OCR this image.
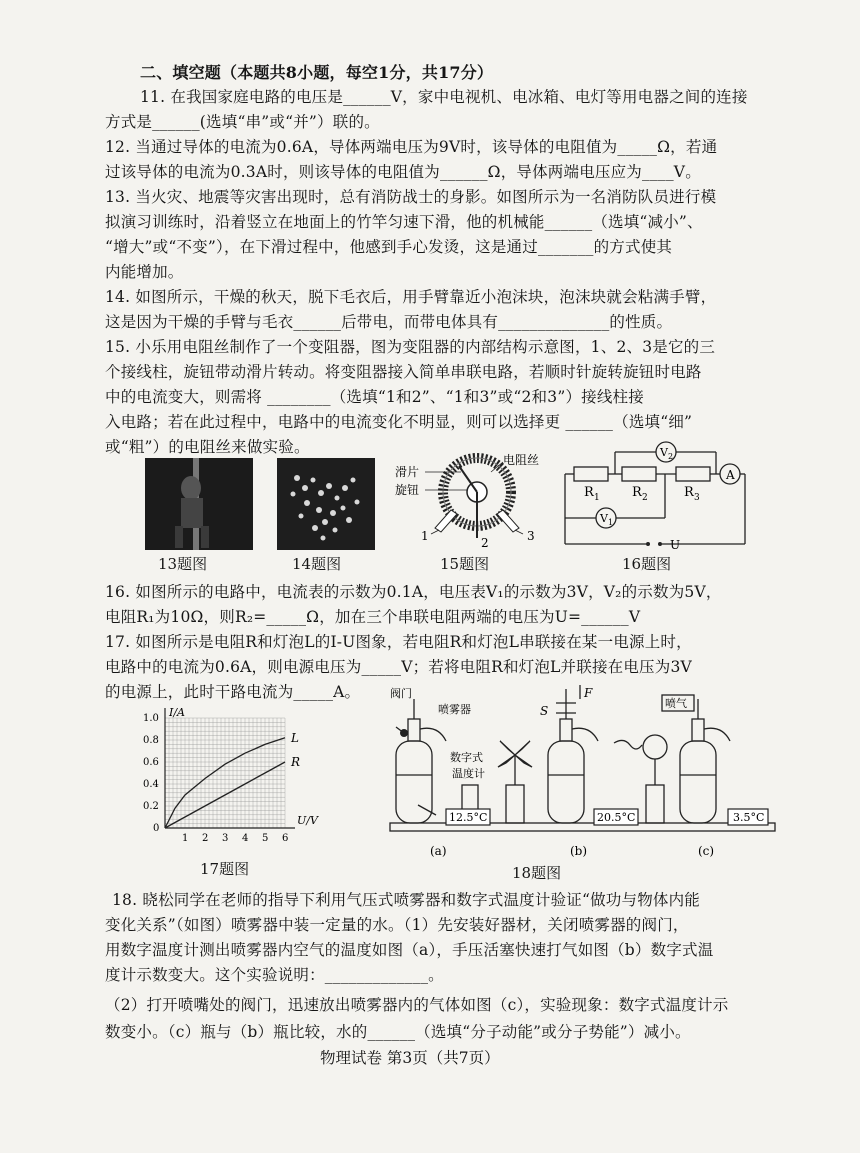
二、填空题（本题共8小题，每空1分，共17分）
11. 在我国家庭电路的电压是______V，家中电视机、电冰箱、电灯等用电器之间的连接
方式是______(选填“串”或“并”）联的。
12. 当通过导体的电流为0.6A，导体两端电压为9V时，该导体的电阻值为_____Ω，若通
过该导体的电流为0.3A时，则该导体的电阻值为______Ω，导体两端电压应为____V。
13. 当火灾、地震等灾害出现时，总有消防战士的身影。如图所示为一名消防队员进行模
拟演习训练时，沿着竖立在地面上的竹竿匀速下滑，他的机械能______（选填“减小”、
“增大”或“不变”），在下滑过程中，他感到手心发烫，这是通过_______的方式使其
内能增加。
14. 如图所示，干燥的秋天，脱下毛衣后，用手臂靠近小泡沫块，泡沫块就会粘满手臂，
这是因为干燥的手臂与毛衣______后带电，而带电体具有______________的性质。
15. 小乐用电阻丝制作了一个变阻器，图为变阻器的内部结构示意图，1、2、3是它的三
个接线柱，旋钮带动滑片转动。将变阻器接入简单串联电路，若顺时针旋转旋钮时电路
中的电流变大，则需将 ________（选填“1和2”、“1和3”或“2和3”）接线柱接
入电路；若在此过程中，电路中的电流变化不明显，则可以选择更 ______（选填“细”
或“粗”）的电阻丝来做实验。
13题图	14题图
滑片
旋钮
电阻丝
1	2	3
15题图
R 1 R 2	R 3
A
V 2
V 1
U
16题图
16. 如图所示的电路中，电流表的示数为0.1A，电压表V₁的示数为3V，V₂的示数为5V，
电阻R₁为10Ω，则R₂=_____Ω，加在三个串联电阻两端的电压为U=______V
17. 如图所示是电阻R和灯泡L的I-U图象，若电阻R和灯泡L串联接在某一电源上时，
电路中的电流为0.6A，则电源电压为_____V；若将电阻R和灯泡L并联接在电压为3V
的电源上，此时干路电流为_____A。
0
1 2 3 4 5 6
0.2
0.4
0.6
0.8
1.0 I/A
U/V
L
R
17题图
12.5°C
阀门
喷雾器
数字式
温度计
20.5°C
F
S
3.5°C
喷气
(a)	(b)	(c)
18题图
18. 晓松同学在老师的指导下利用气压式喷雾器和数字式温度计验证“做功与物体内能
变化关系”（如图）喷雾器中装一定量的水。（1）先安装好器材，关闭喷雾器的阀门，
用数字温度计测出喷雾器内空气的温度如图（a），手压活塞快速打气如图（b）数字式温
度计示数变大。这个实验说明：_____________。
（2）打开喷嘴处的阀门，迅速放出喷雾器内的气体如图（c），实验现象：数字式温度计示
数变小。（c）瓶与（b）瓶比较，水的______（选填“分子动能”或分子势能”）减小。
物理试卷 第3页（共7页）
